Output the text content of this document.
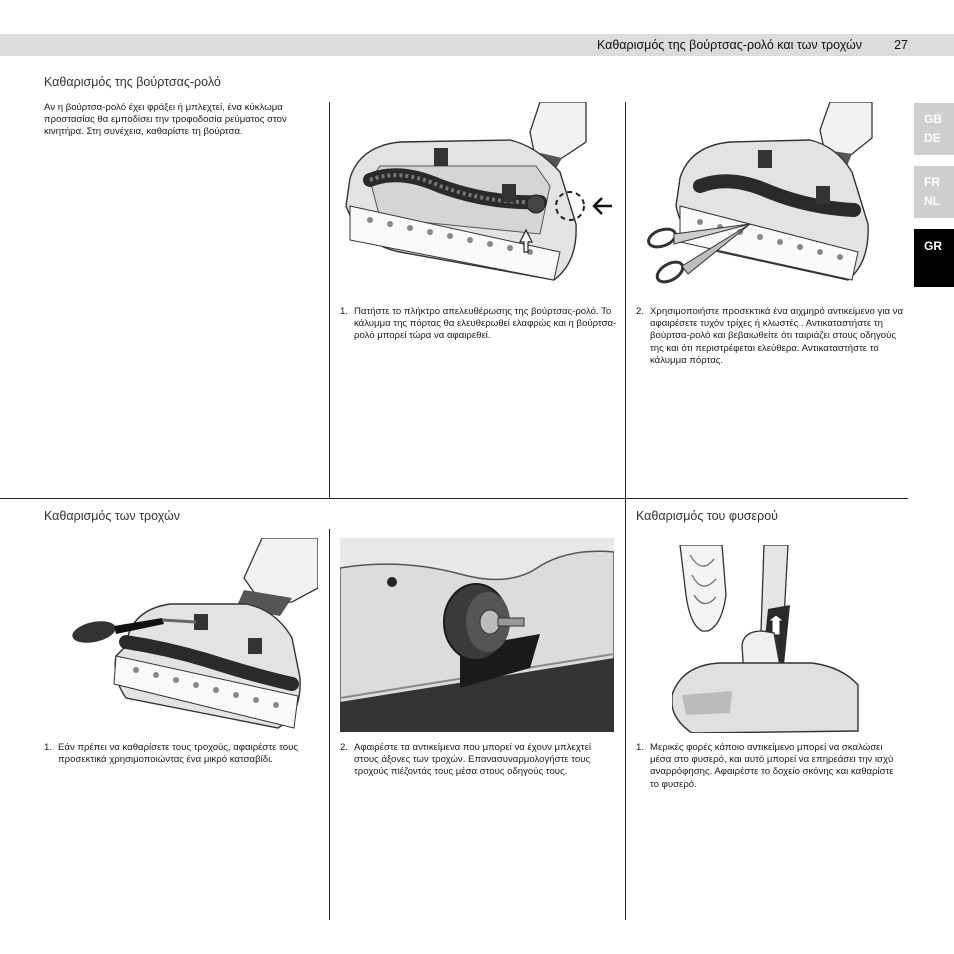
Καθαρισμός της βούρτσας-ρολό και των τροχών	27
GB
DE
FR
NL
GR
Καθαρισμός της βούρτσας-ρολό
Αν η βούρτσα-ρολό έχει φράξει ή μπλεχτεί, ένα κύκλωμα προστασίας θα εμποδίσει την τροφοδοσία ρεύματος στον κινητήρα. Στη συνέχεια, καθαρίστε τη βούρτσα.
1. Πατήστε το πλήκτρο απελευθέρωσης της βούρτσας-ρολό. Το κάλυμμα της πόρτας θα ελευθερωθεί ελαφρώς και η βούρτσα-ρολό μπορεί τώρα να αφαιρεθεί.
2. Χρησιμοποιήστε προσεκτικά ένα αιχμηρό αντικείμενο για να αφαιρέσετε τυχόν τρίχες ή κλωστές . Αντικαταστήστε τη βούρτσα-ρολό και βεβαιωθείτε ότι ταιριάζει στους οδηγούς της και ότι περιστρέφεται ελεύθερα. Αντικαταστήστε το κάλυμμα πόρτας.
Καθαρισμός των τροχών	Καθαρισμός του φυσερού
1. Εάν πρέπει να καθαρίσετε τους τροχούς, αφαιρέστε τους προσεκτικά χρησιμοποιώντας ένα μικρό κατσαβίδι.
2. Αφαιρέστε τα αντικείμενα που μπορεί να έχουν μπλεχτεί στους άξονες των τροχών. Επανασυναρμολογήστε τους τροχούς πιέζοντάς τους μέσα στους οδηγούς τους.
1. Μερικές φορές κάποιο αντικείμενο μπορεί να σκαλώσει μέσα στο φυσερό, και αυτό μπορεί να επηρεάσει την ισχύ αναρρόφησης. Αφαιρέστε το δοχείο σκόνης και καθαρίστε το φυσερό.
